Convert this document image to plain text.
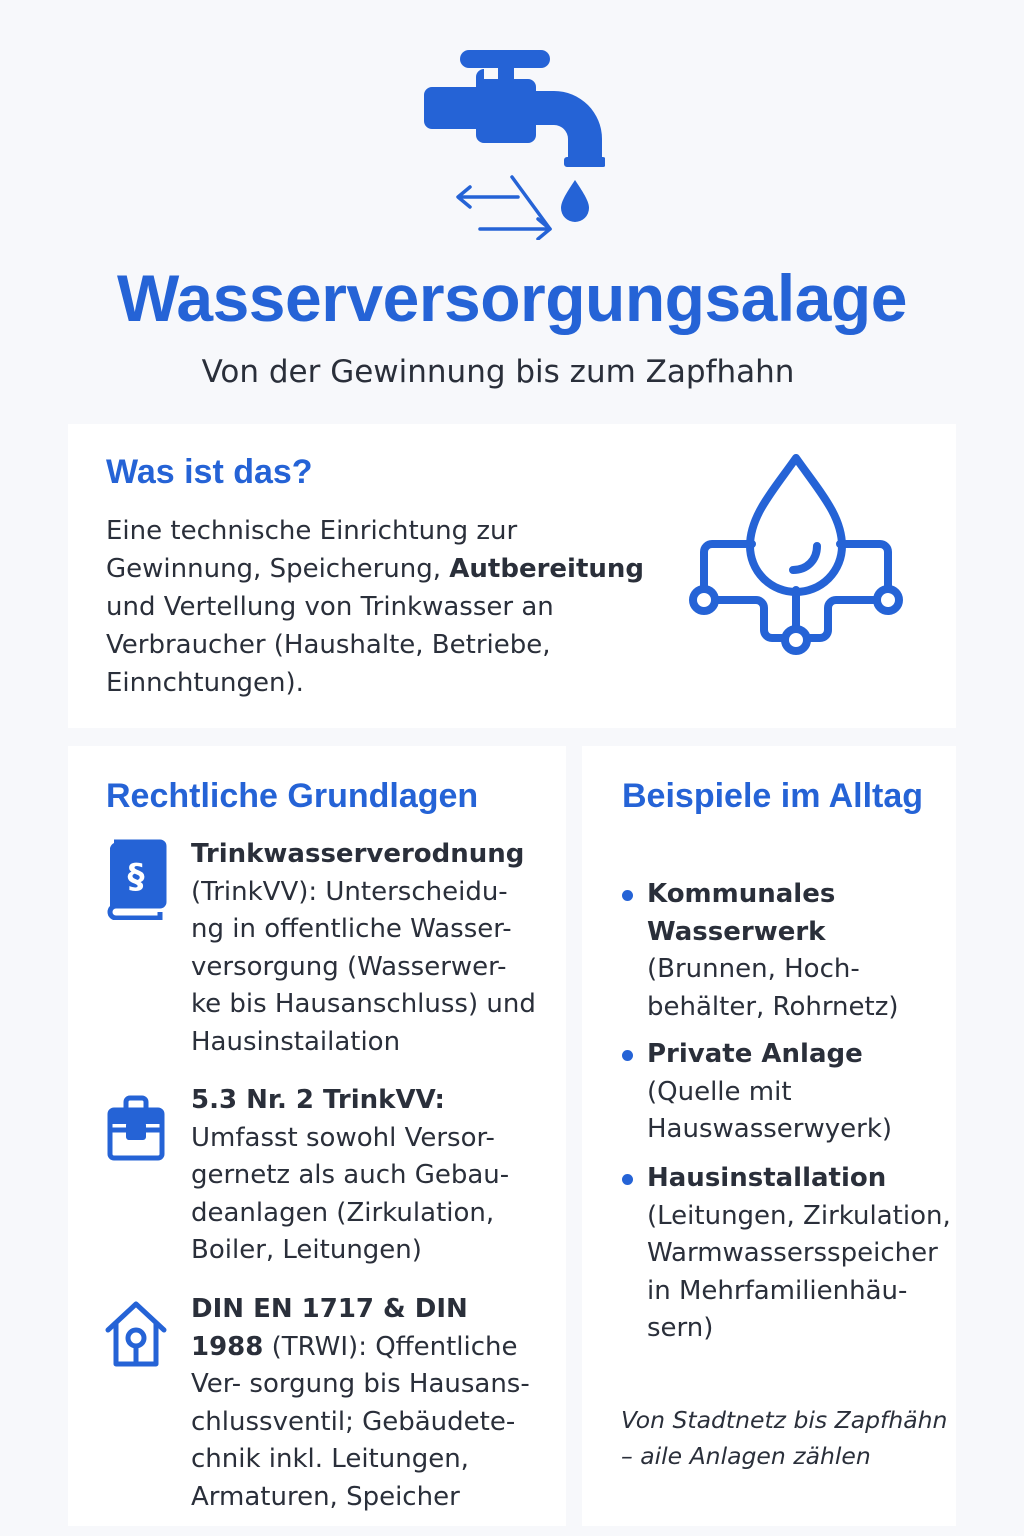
Wasserversorgungsalage

Von der Gewinnung bis zum Zapfhahn

Was ist das?

Eine technische Einrichtung zur Gewinnung, Speicherung, Autbereitung und Vertellung von Trinkwasser an Verbraucher (Haushalte, Betriebe, Einnchtungen).

Rechtliche Grundlagen
§

Trinkwasserverodnung (TrinkVV): Unterscheidu- ng in offentliche Wasser- versorgung (Wasserwer- ke bis Hausanschluss) und Hausinstailation

5.3 Nr. 2 TrinkVV: Umfasst sowohl Versor- gernetz als auch Gebau- deanlagen (Zirkulation, Boiler, Leitungen)

DIN EN 1717 & DIN 1988 (TRWI): Qffentliche Ver- sorgung bis Hausans- chlussventil; Gebäudete- chnik inkl. Leitungen, Armaturen, Speicher

Beispiele im Alltag

Kommunales Wasserwerk (Brunnen, Hoch- behälter, Rohrnetz)

Private Anlage (Quelle mit Hauswasserwyerk)

Hausinstallation (Leitungen, Zirkulation, Warmwassersspeicher in Mehrfamilienhäu- sern)

Von Stadtnetz bis Zapfhähn – aile Anlagen zählen
